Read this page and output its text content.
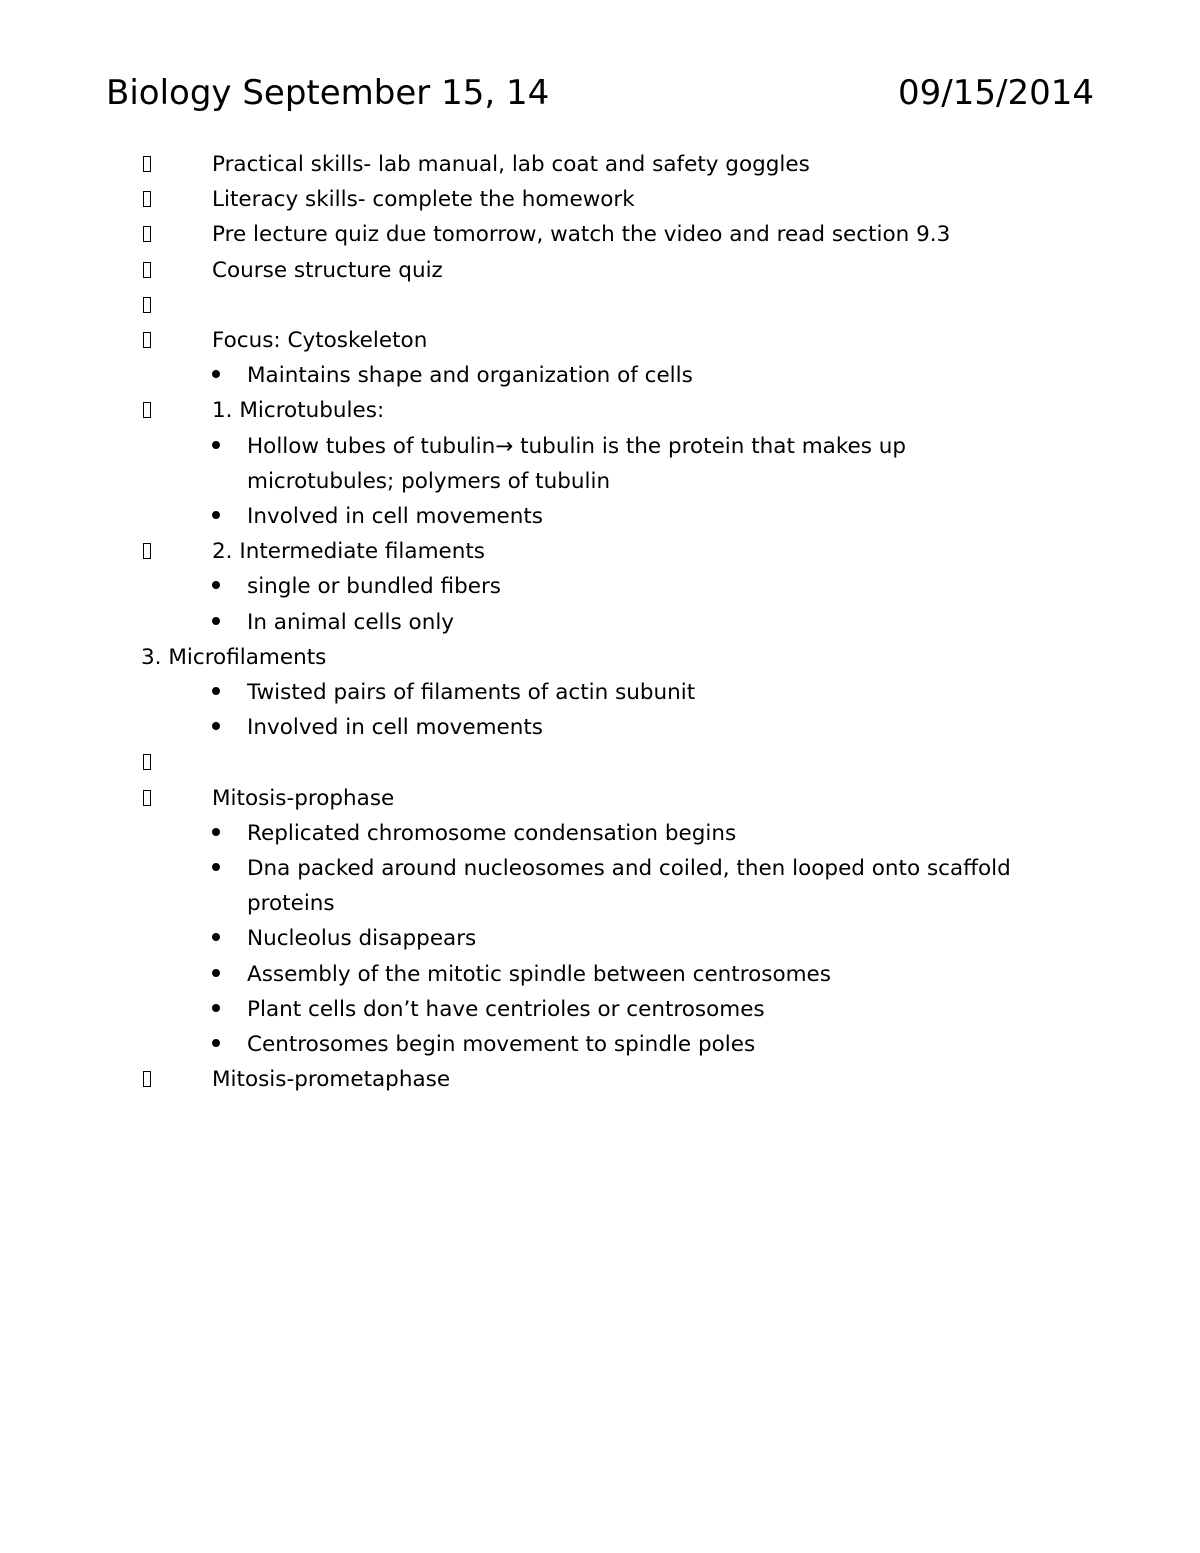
Biology September 15, 14	09/15/2014
Practical skills- lab manual, lab coat and safety goggles
Literacy skills- complete the homework
Pre lecture quiz due tomorrow, watch the video and read section 9.3
Course structure quiz
Focus: Cytoskeleton
Maintains shape and organization of cells
1. Microtubules:
Hollow tubes of tubulin→ tubulin is the protein that makes up microtubules; polymers of tubulin
Involved in cell movements
2. Intermediate filaments
single or bundled fibers
In animal cells only
3. Microfilaments
Twisted pairs of filaments of actin subunit
Involved in cell movements
Mitosis-prophase
Replicated chromosome condensation begins
Dna packed around nucleosomes and coiled, then looped onto scaffold proteins
Nucleolus disappears
Assembly of the mitotic spindle between centrosomes
Plant cells don’t have centrioles or centrosomes
Centrosomes begin movement to spindle poles
Mitosis-prometaphase
